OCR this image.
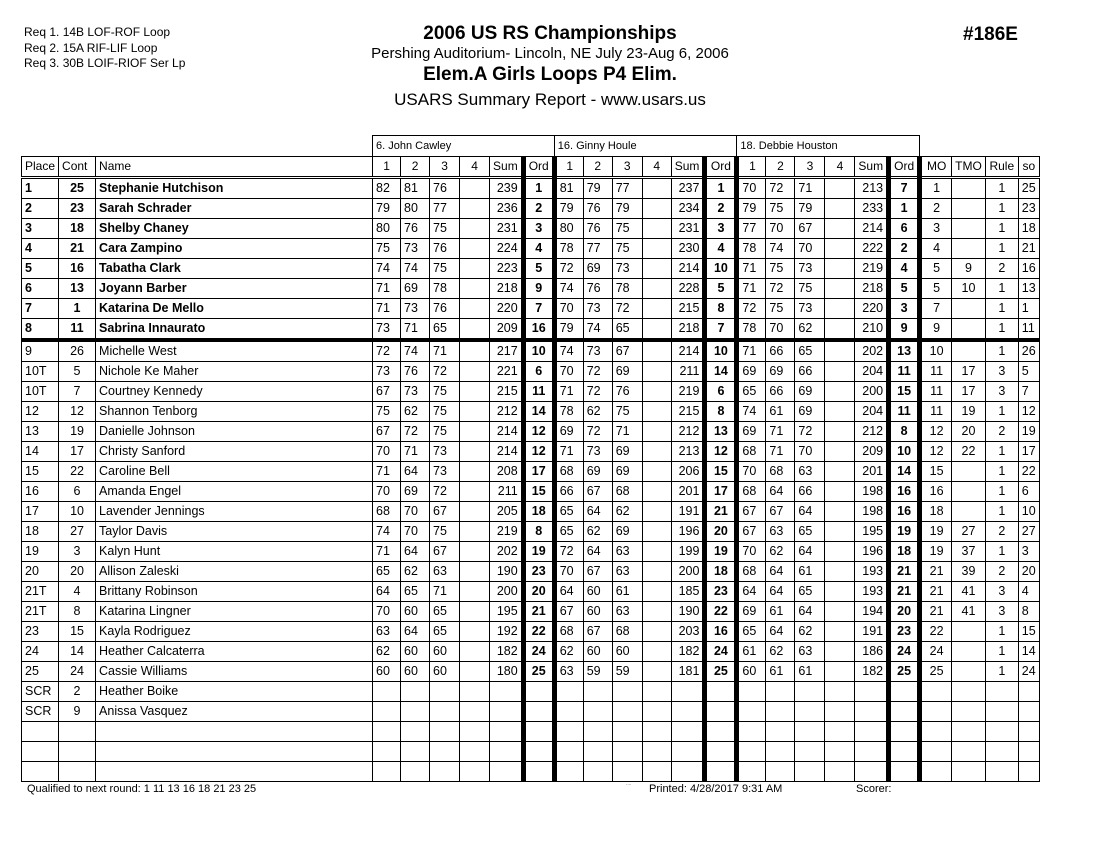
Req 1. 14B LOF-ROF Loop
Req 2. 15A RIF-LIF Loop
Req 3. 30B LOIF-RIOF Ser Lp
2006 US RS Championships
Pershing Auditorium- Lincoln, NE July 23-Aug 6, 2006
Elem.A Girls Loops P4 Elim.
USARS Summary Report - www.usars.us
#186E
			6. John Cawley						16. Ginny Houle						18. Debbie Houston									
Place	Cont	Name	1	2	3	4	Sum	Ord	1	2	3	4	Sum	Ord	1	2	3	4	Sum	Ord	MO	TMO	Rule	so
1	25	Stephanie Hutchison	82	81	76		239	1	81	79	77		237	1	70	72	71		213	7	1		1	25
2	23	Sarah Schrader	79	80	77		236	2	79	76	79		234	2	79	75	79		233	1	2		1	23
3	18	Shelby Chaney	80	76	75		231	3	80	76	75		231	3	77	70	67		214	6	3		1	18
4	21	Cara Zampino	75	73	76		224	4	78	77	75		230	4	78	74	70		222	2	4		1	21
5	16	Tabatha Clark	74	74	75		223	5	72	69	73		214	10	71	75	73		219	4	5	9	2	16
6	13	Joyann Barber	71	69	78		218	9	74	76	78		228	5	71	72	75		218	5	5	10	1	13
7	1	Katarina De Mello	71	73	76		220	7	70	73	72		215	8	72	75	73		220	3	7		1	1
8	11	Sabrina Innaurato	73	71	65		209	16	79	74	65		218	7	78	70	62		210	9	9		1	11
9	26	Michelle West	72	74	71		217	10	74	73	67		214	10	71	66	65		202	13	10		1	26
10T	5	Nichole Ke Maher	73	76	72		221	6	70	72	69		211	14	69	69	66		204	11	11	17	3	5
10T	7	Courtney Kennedy	67	73	75		215	11	71	72	76		219	6	65	66	69		200	15	11	17	3	7
12	12	Shannon Tenborg	75	62	75		212	14	78	62	75		215	8	74	61	69		204	11	11	19	1	12
13	19	Danielle Johnson	67	72	75		214	12	69	72	71		212	13	69	71	72		212	8	12	20	2	19
14	17	Christy Sanford	70	71	73		214	12	71	73	69		213	12	68	71	70		209	10	12	22	1	17
15	22	Caroline Bell	71	64	73		208	17	68	69	69		206	15	70	68	63		201	14	15		1	22
16	6	Amanda Engel	70	69	72		211	15	66	67	68		201	17	68	64	66		198	16	16		1	6
17	10	Lavender Jennings	68	70	67		205	18	65	64	62		191	21	67	67	64		198	16	18		1	10
18	27	Taylor Davis	74	70	75		219	8	65	62	69		196	20	67	63	65		195	19	19	27	2	27
19	3	Kalyn Hunt	71	64	67		202	19	72	64	63		199	19	70	62	64		196	18	19	37	1	3
20	20	Allison Zaleski	65	62	63		190	23	70	67	63		200	18	68	64	61		193	21	21	39	2	20
21T	4	Brittany Robinson	64	65	71		200	20	64	60	61		185	23	64	64	65		193	21	21	41	3	4
21T	8	Katarina Lingner	70	60	65		195	21	67	60	63		190	22	69	61	64		194	20	21	41	3	8
23	15	Kayla Rodriguez	63	64	65		192	22	68	67	68		203	16	65	64	62		191	23	22		1	15
24	14	Heather Calcaterra	62	60	60		182	24	62	60	60		182	24	61	62	63		186	24	24		1	14
25	24	Cassie Williams	60	60	60		180	25	63	59	59		181	25	60	61	61		182	25	25		1	24
SCR	2	Heather Boike																						
SCR	9	Anissa Vasquez																						

Qualified to next round: 1 11 13 16 18 21 23 25	···· Printed: 4/28/2017 9:31 AM	Scorer:
